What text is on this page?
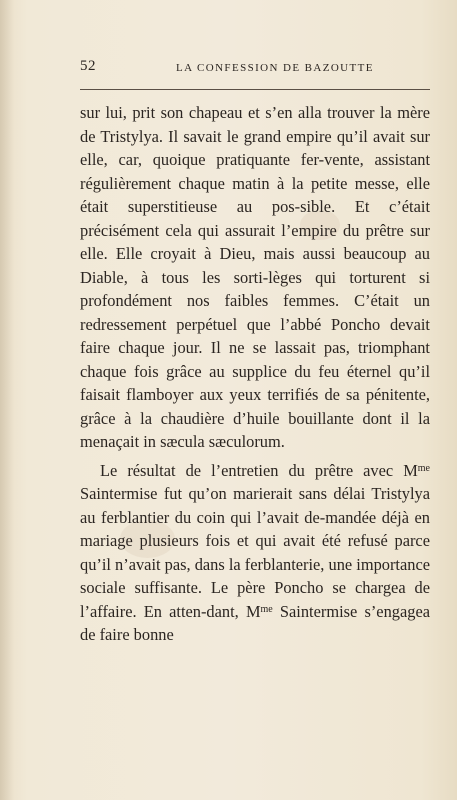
52	LA CONFESSION DE BAZOUTTE

sur lui, prit son chapeau et s’en alla trouver la mère de Tristylya. Il savait le grand empire qu’il avait sur elle, car, quoique pratiquante fer-vente, assistant régulièrement chaque matin à la petite messe, elle était superstitieuse au pos-sible. Et c’était précisément cela qui assurait l’empire du prêtre sur elle. Elle croyait à Dieu, mais aussi beaucoup au Diable, à tous les sorti-lèges qui torturent si profondément nos faibles femmes. C’était un redressement perpétuel que l’abbé Poncho devait faire chaque jour. Il ne se lassait pas, triomphant chaque fois grâce au supplice du feu éternel qu’il faisait flamboyer aux yeux terrifiés de sa pénitente, grâce à la chaudière d’huile bouillante dont il la menaçait in sæcula sæculorum.

Le résultat de l’entretien du prêtre avec $M^{me}$ Saintermise fut qu’on marierait sans délai Tristylya au ferblantier du coin qui l’avait de-mandée déjà en mariage plusieurs fois et qui avait été refusé parce qu’il n’avait pas, dans la ferblanterie, une importance sociale suffisante. Le père Poncho se chargea de l’affaire. En atten-dant, $M^{me}$ Saintermise s’engagea de faire bonne
